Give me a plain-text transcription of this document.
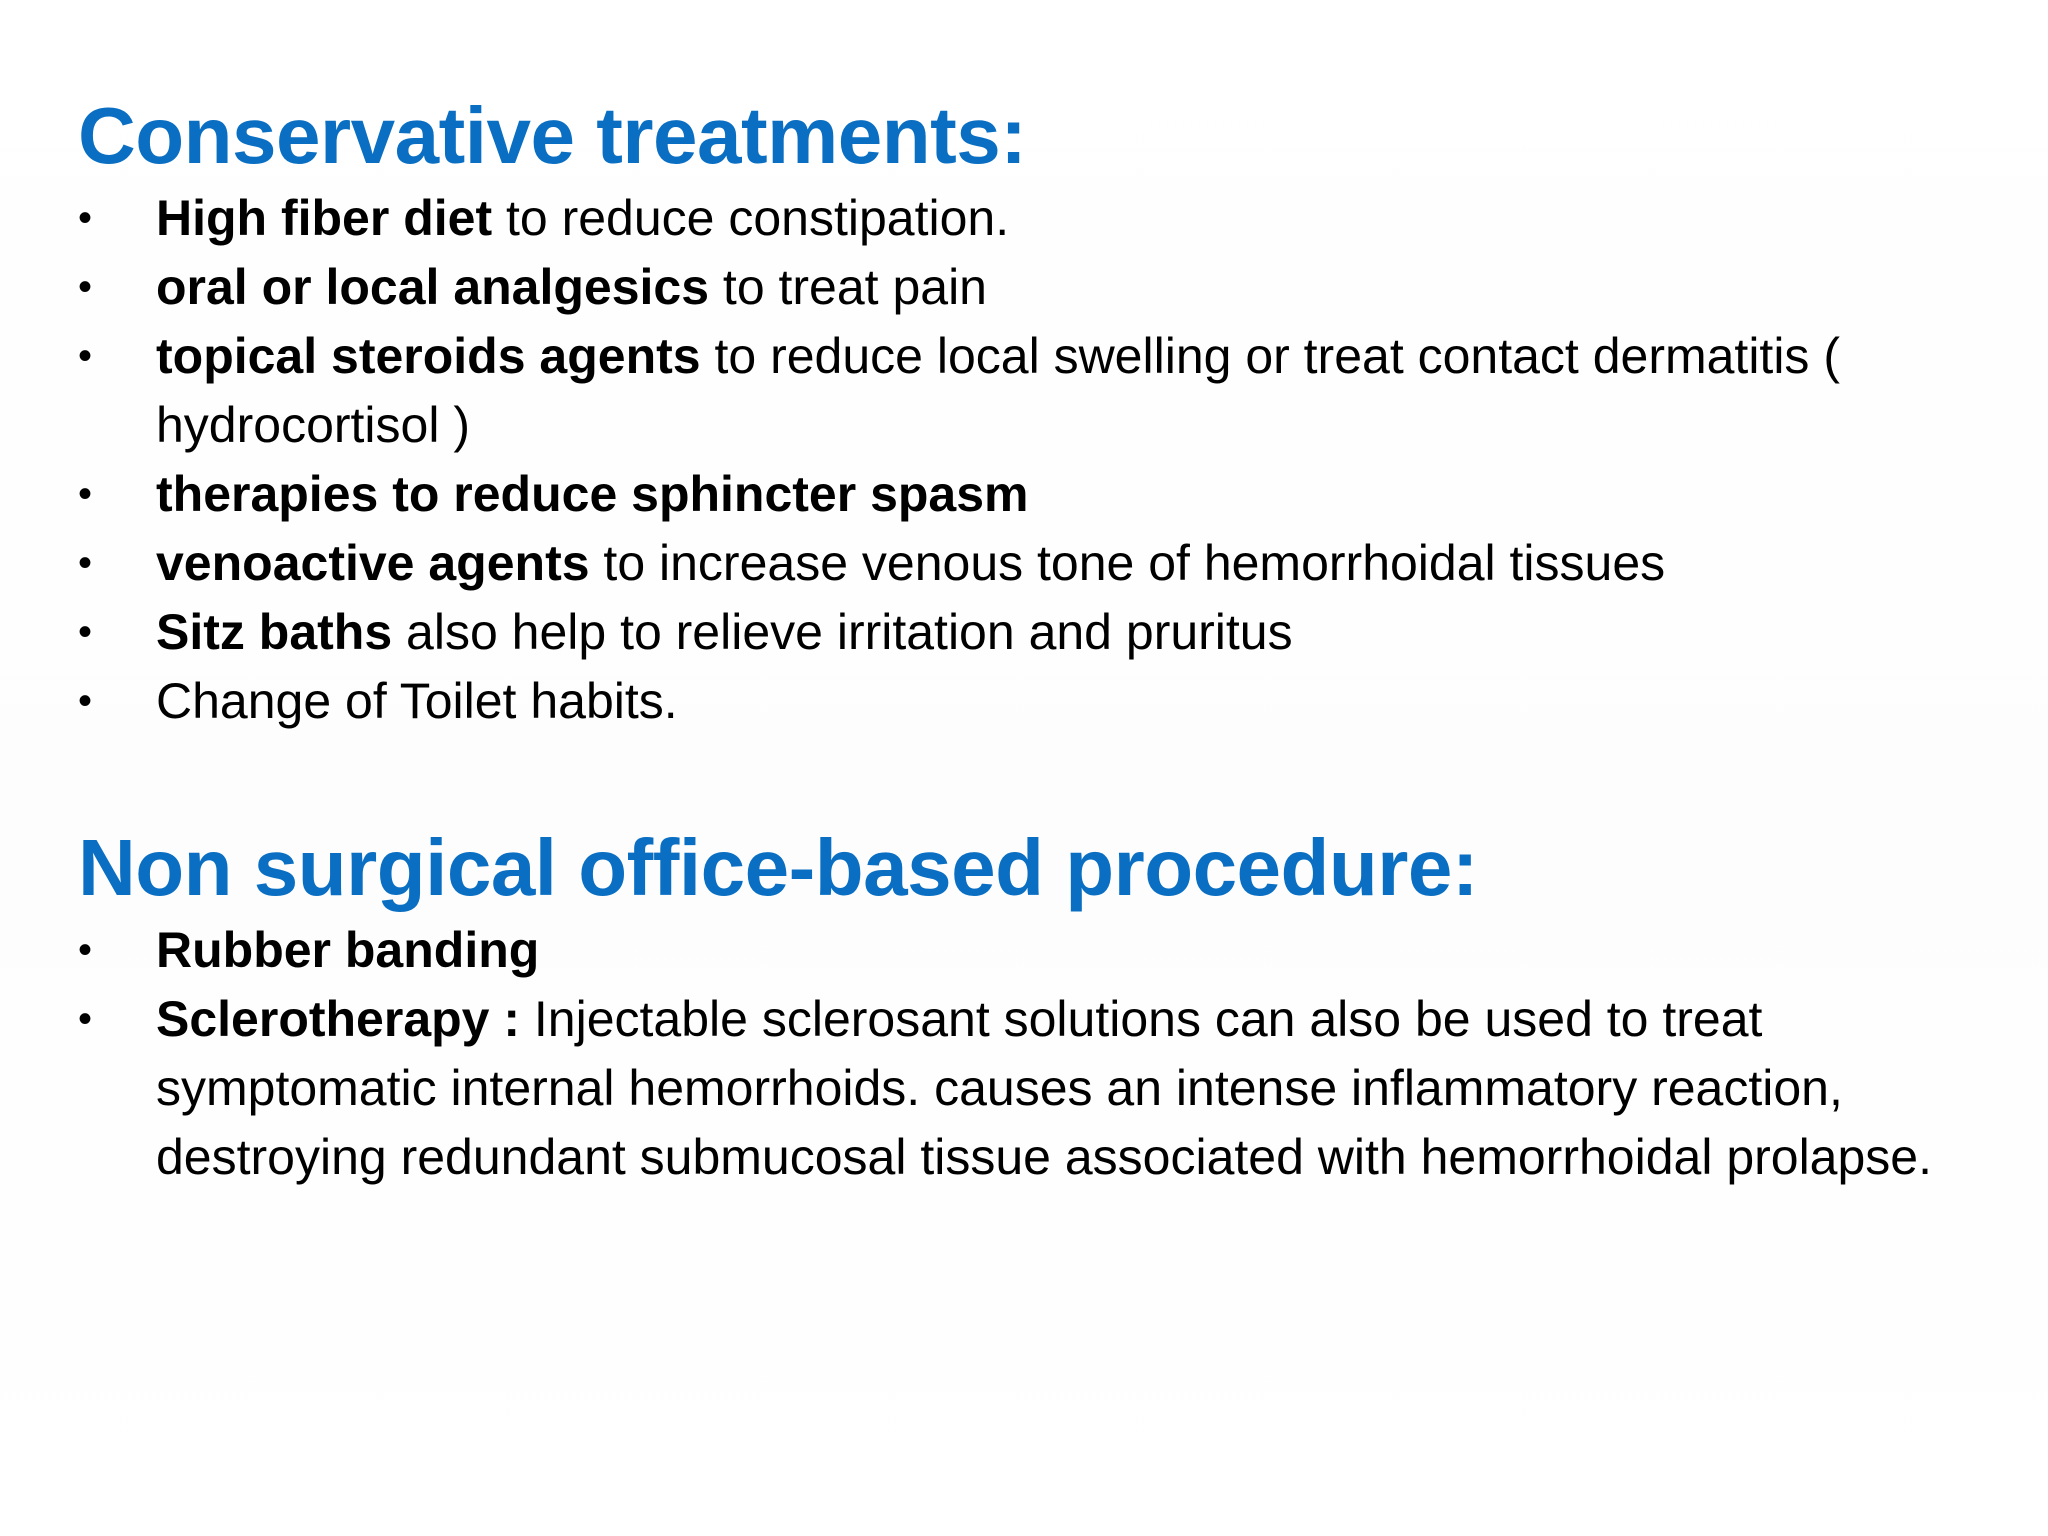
Conservative treatments:
•	High fiber diet to reduce constipation.
•	oral or local analgesics to treat pain
•	topical steroids agents to reduce local swelling or treat contact dermatitis ( hydrocortisol )
•	therapies to reduce sphincter spasm
•	venoactive agents to increase venous tone of hemorrhoidal tissues
•	Sitz baths also help to relieve irritation and pruritus
•	Change of Toilet habits.
Non surgical office-based procedure:
•	Rubber banding
•	Sclerotherapy : Injectable sclerosant solutions can also be used to treat symptomatic internal hemorrhoids. causes an intense inflammatory reaction, destroying redundant submucosal tissue associated with hemorrhoidal prolapse.
